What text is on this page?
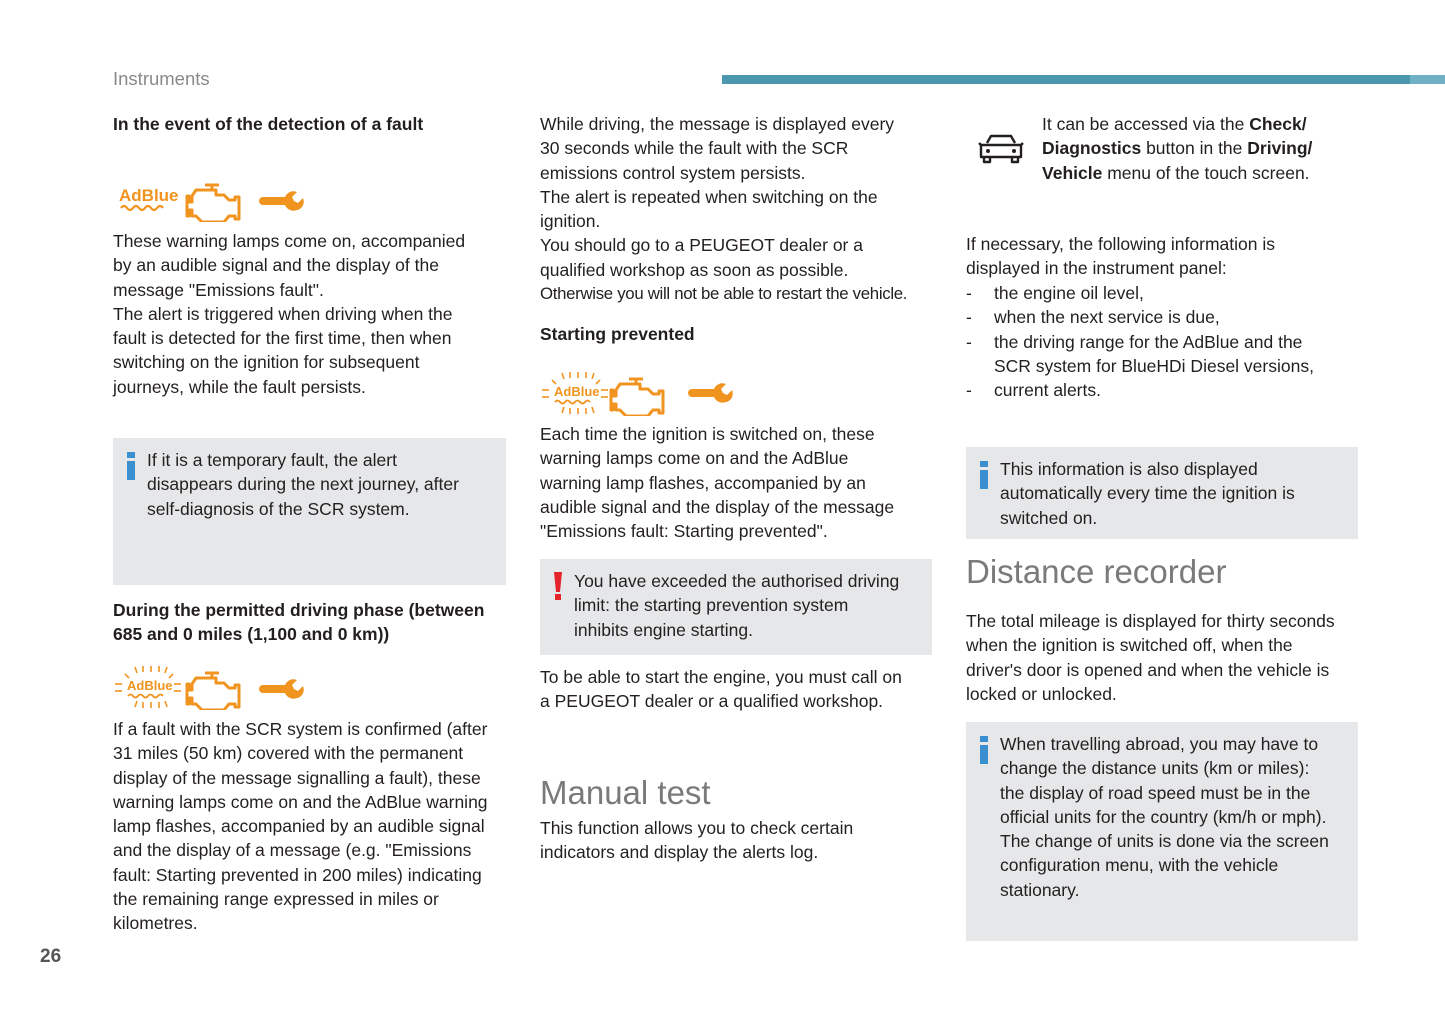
Instruments
26
In the event of the detection of a fault
AdBlue
These warning lamps come on, accompanied
by an audible signal and the display of the
message "Emissions fault".
The alert is triggered when driving when the
fault is detected for the first time, then when
switching on the ignition for subsequent
journeys, while the fault persists.
If it is a temporary fault, the alert
disappears during the next journey, after
self-diagnosis of the SCR system.
During the permitted driving phase (between
685 and 0 miles (1,100 and 0 km))
AdBlue
If a fault with the SCR system is confirmed (after
31 miles (50 km) covered with the permanent
display of the message signalling a fault), these
warning lamps come on and the AdBlue warning
lamp flashes, accompanied by an audible signal
and the display of a message (e.g. "Emissions
fault: Starting prevented in 200 miles) indicating
the remaining range expressed in miles or
kilometres.
While driving, the message is displayed every
30 seconds while the fault with the SCR
emissions control system persists.
The alert is repeated when switching on the
ignition.
You should go to a PEUGEOT dealer or a
qualified workshop as soon as possible.
Otherwise you will not be able to restart the vehicle.
Starting prevented
AdBlue
Each time the ignition is switched on, these
warning lamps come on and the AdBlue
warning lamp flashes, accompanied by an
audible signal and the display of the message
"Emissions fault: Starting prevented".
You have exceeded the authorised driving
limit: the starting prevention system
inhibits engine starting.
To be able to start the engine, you must call on
a PEUGEOT dealer or a qualified workshop.
Manual test
This function allows you to check certain
indicators and display the alerts log.
It can be accessed via the Check/
Diagnostics button in the Driving/
Vehicle menu of the touch screen.
If necessary, the following information is
displayed in the instrument panel:
- the engine oil level,
- when the next service is due,
- the driving range for the AdBlue and the
SCR system for BlueHDi Diesel versions,
- current alerts.
This information is also displayed
automatically every time the ignition is
switched on.
Distance recorder
The total mileage is displayed for thirty seconds
when the ignition is switched off, when the
driver's door is opened and when the vehicle is
locked or unlocked.
When travelling abroad, you may have to
change the distance units (km or miles):
the display of road speed must be in the
official units for the country (km/h or mph).
The change of units is done via the screen
configuration menu, with the vehicle
stationary.
